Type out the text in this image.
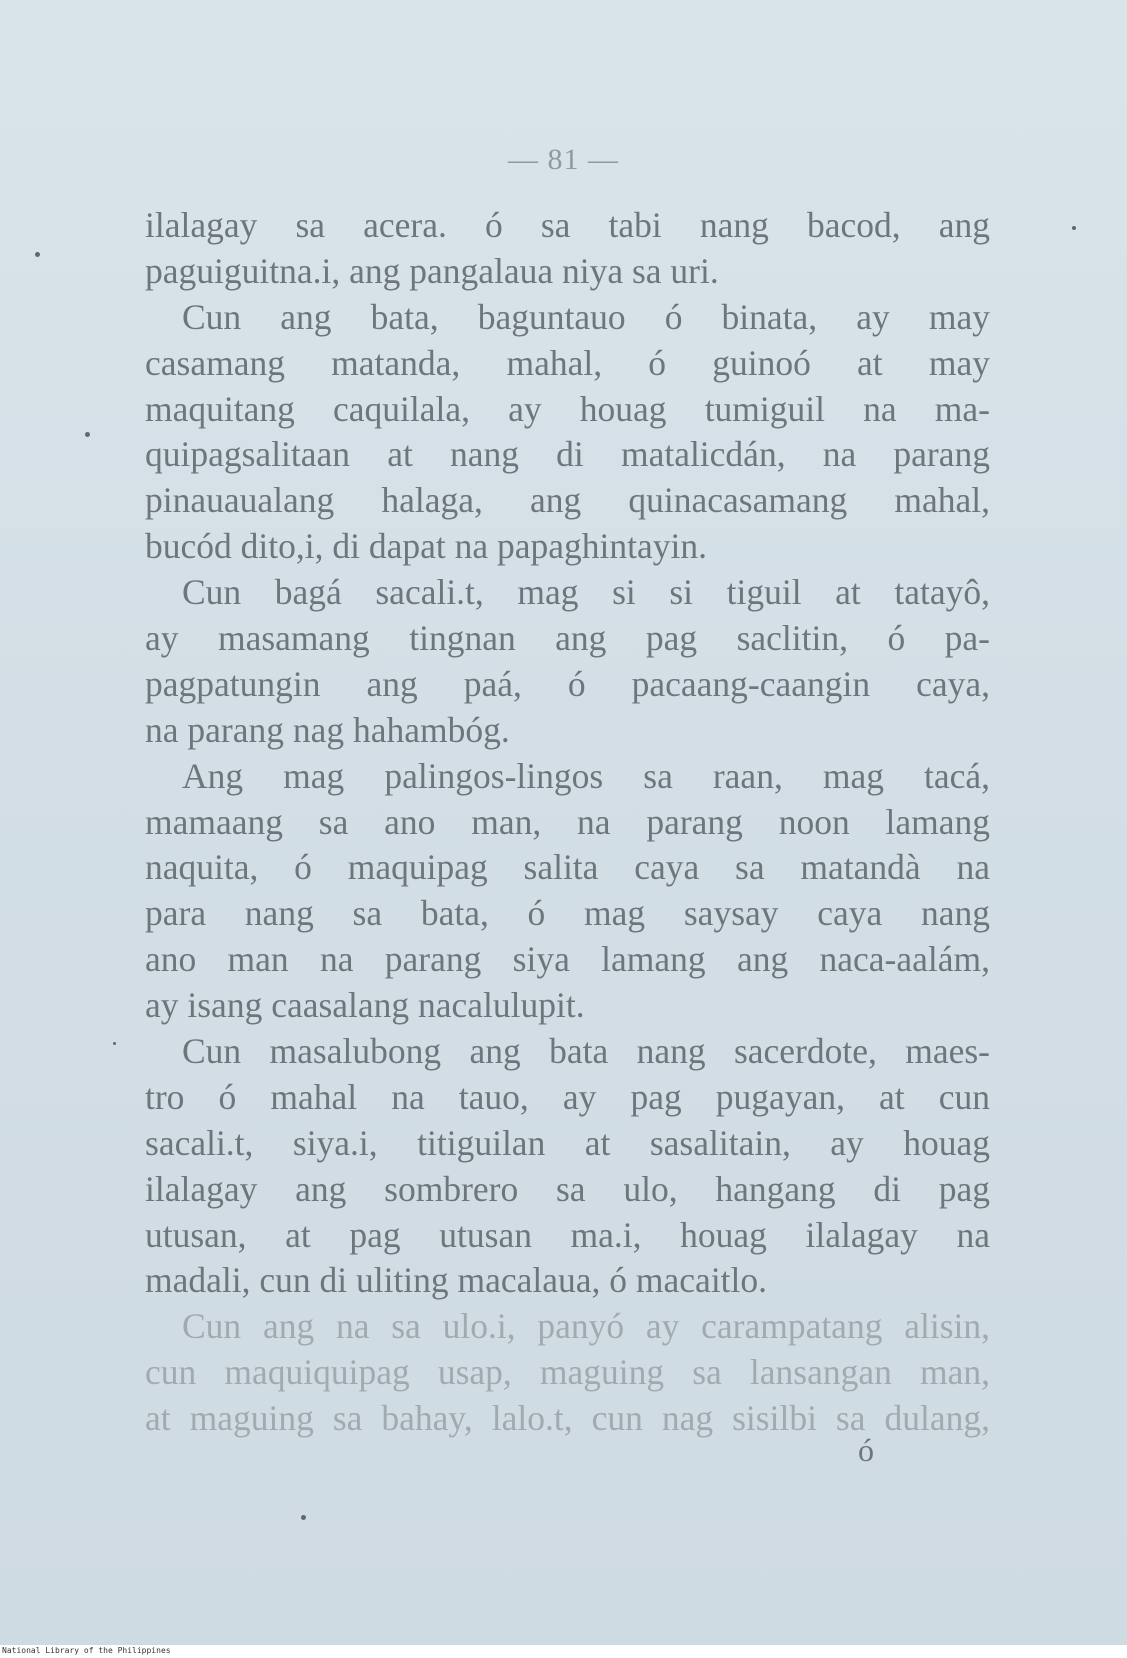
— 81 —
ilalagay sa acera. ó sa tabi nang bacod, ang
paguiguitna.i, ang pangalaua niya sa uri.
Cun ang bata, baguntauo ó binata, ay may
casamang matanda, mahal, ó guinoó at may
maquitang caquilala, ay houag tumiguil na ma-
quipagsalitaan at nang di matalicdán, na parang
pinauaualang halaga, ang quinacasamang mahal,
bucód dito,i, di dapat na papaghintayin.
Cun bagá sacali.t, mag si si tiguil at tatayô,
ay masamang tingnan ang pag saclitin, ó pa-
pagpatungin ang paá, ó pacaang-caangin caya,
na parang nag hahambóg.
Ang mag palingos-lingos sa raan, mag tacá,
mamaang sa ano man, na parang noon lamang
naquita, ó maquipag salita caya sa matandà na
para nang sa bata, ó mag saysay caya nang
ano man na parang siya lamang ang naca-aalám,
ay isang caasalang nacalulupit.
Cun masalubong ang bata nang sacerdote, maes-
tro ó mahal na tauo, ay pag pugayan, at cun
sacali.t, siya.i, titiguilan at sasalitain, ay houag
ilalagay ang sombrero sa ulo, hangang di pag
utusan, at pag utusan ma.i, houag ilalagay na
madali, cun di uliting macalaua, ó macaitlo.
Cun ang na sa ulo.i, panyó ay carampatang alisin,
cun maquiquipag usap, maguing sa lansangan man,
at maguing sa bahay, lalo.t, cun nag sisilbi sa dulang,
ó
National Library of the Philippines
